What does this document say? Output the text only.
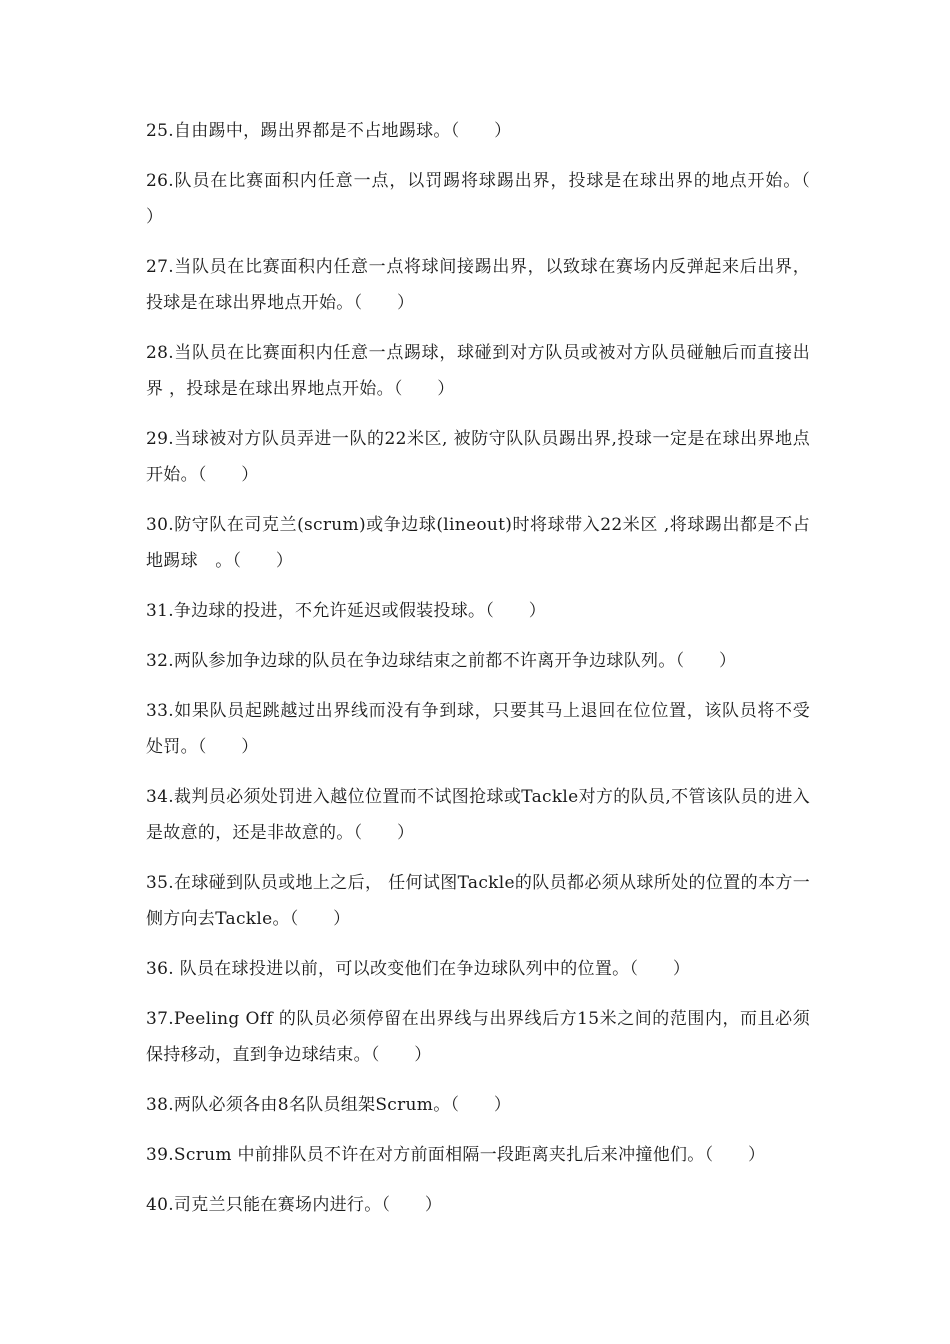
25.自由踢中，踢出界都是不占地踢球。（　　）
26.队员在比赛面积内任意一点，以罚踢将球踢出界，投球是在球出界的地点开始。（　　）
27.当队员在比赛面积内任意一点将球间接踢出界，以致球在赛场内反弹起来后出界，投球是在球出界地点开始。（　　）
28.当队员在比赛面积内任意一点踢球，球碰到对方队员或被对方队员碰触后而直接出界 ，投球是在球出界地点开始。（　　）
29.当球被对方队员弄进一队的22米区, 被防守队队员踢出界,投球一定是在球出界地点开始。（　　）
30.防守队在司克兰(scrum)或争边球(lineout)时将球带入22米区 ,将球踢出都是不占地踢球　。（　　）
31.争边球的投进，不允许延迟或假装投球。（　　）
32.两队参加争边球的队员在争边球结束之前都不许离开争边球队列。（　　）
33.如果队员起跳越过出界线而没有争到球，只要其马上退回在位位置，该队员将不受处罚。（　　）
34.裁判员必须处罚进入越位位置而不试图抢球或Tackle对方的队员,不管该队员的进入是故意的，还是非故意的。（　　）
35.在球碰到队员或地上之后， 任何试图Tackle的队员都必须从球所处的位置的本方一侧方向去Tackle。（　　）
36. 队员在球投进以前，可以改变他们在争边球队列中的位置。（　　）
37.Peeling Off 的队员必须停留在出界线与出界线后方15米之间的范围内，而且必须保持移动，直到争边球结束。（　　）
38.两队必须各由8名队员组架Scrum。（　　）
39.Scrum 中前排队员不许在对方前面相隔一段距离夹扎后来冲撞他们。（　　）
40.司克兰只能在赛场内进行。（　　）
